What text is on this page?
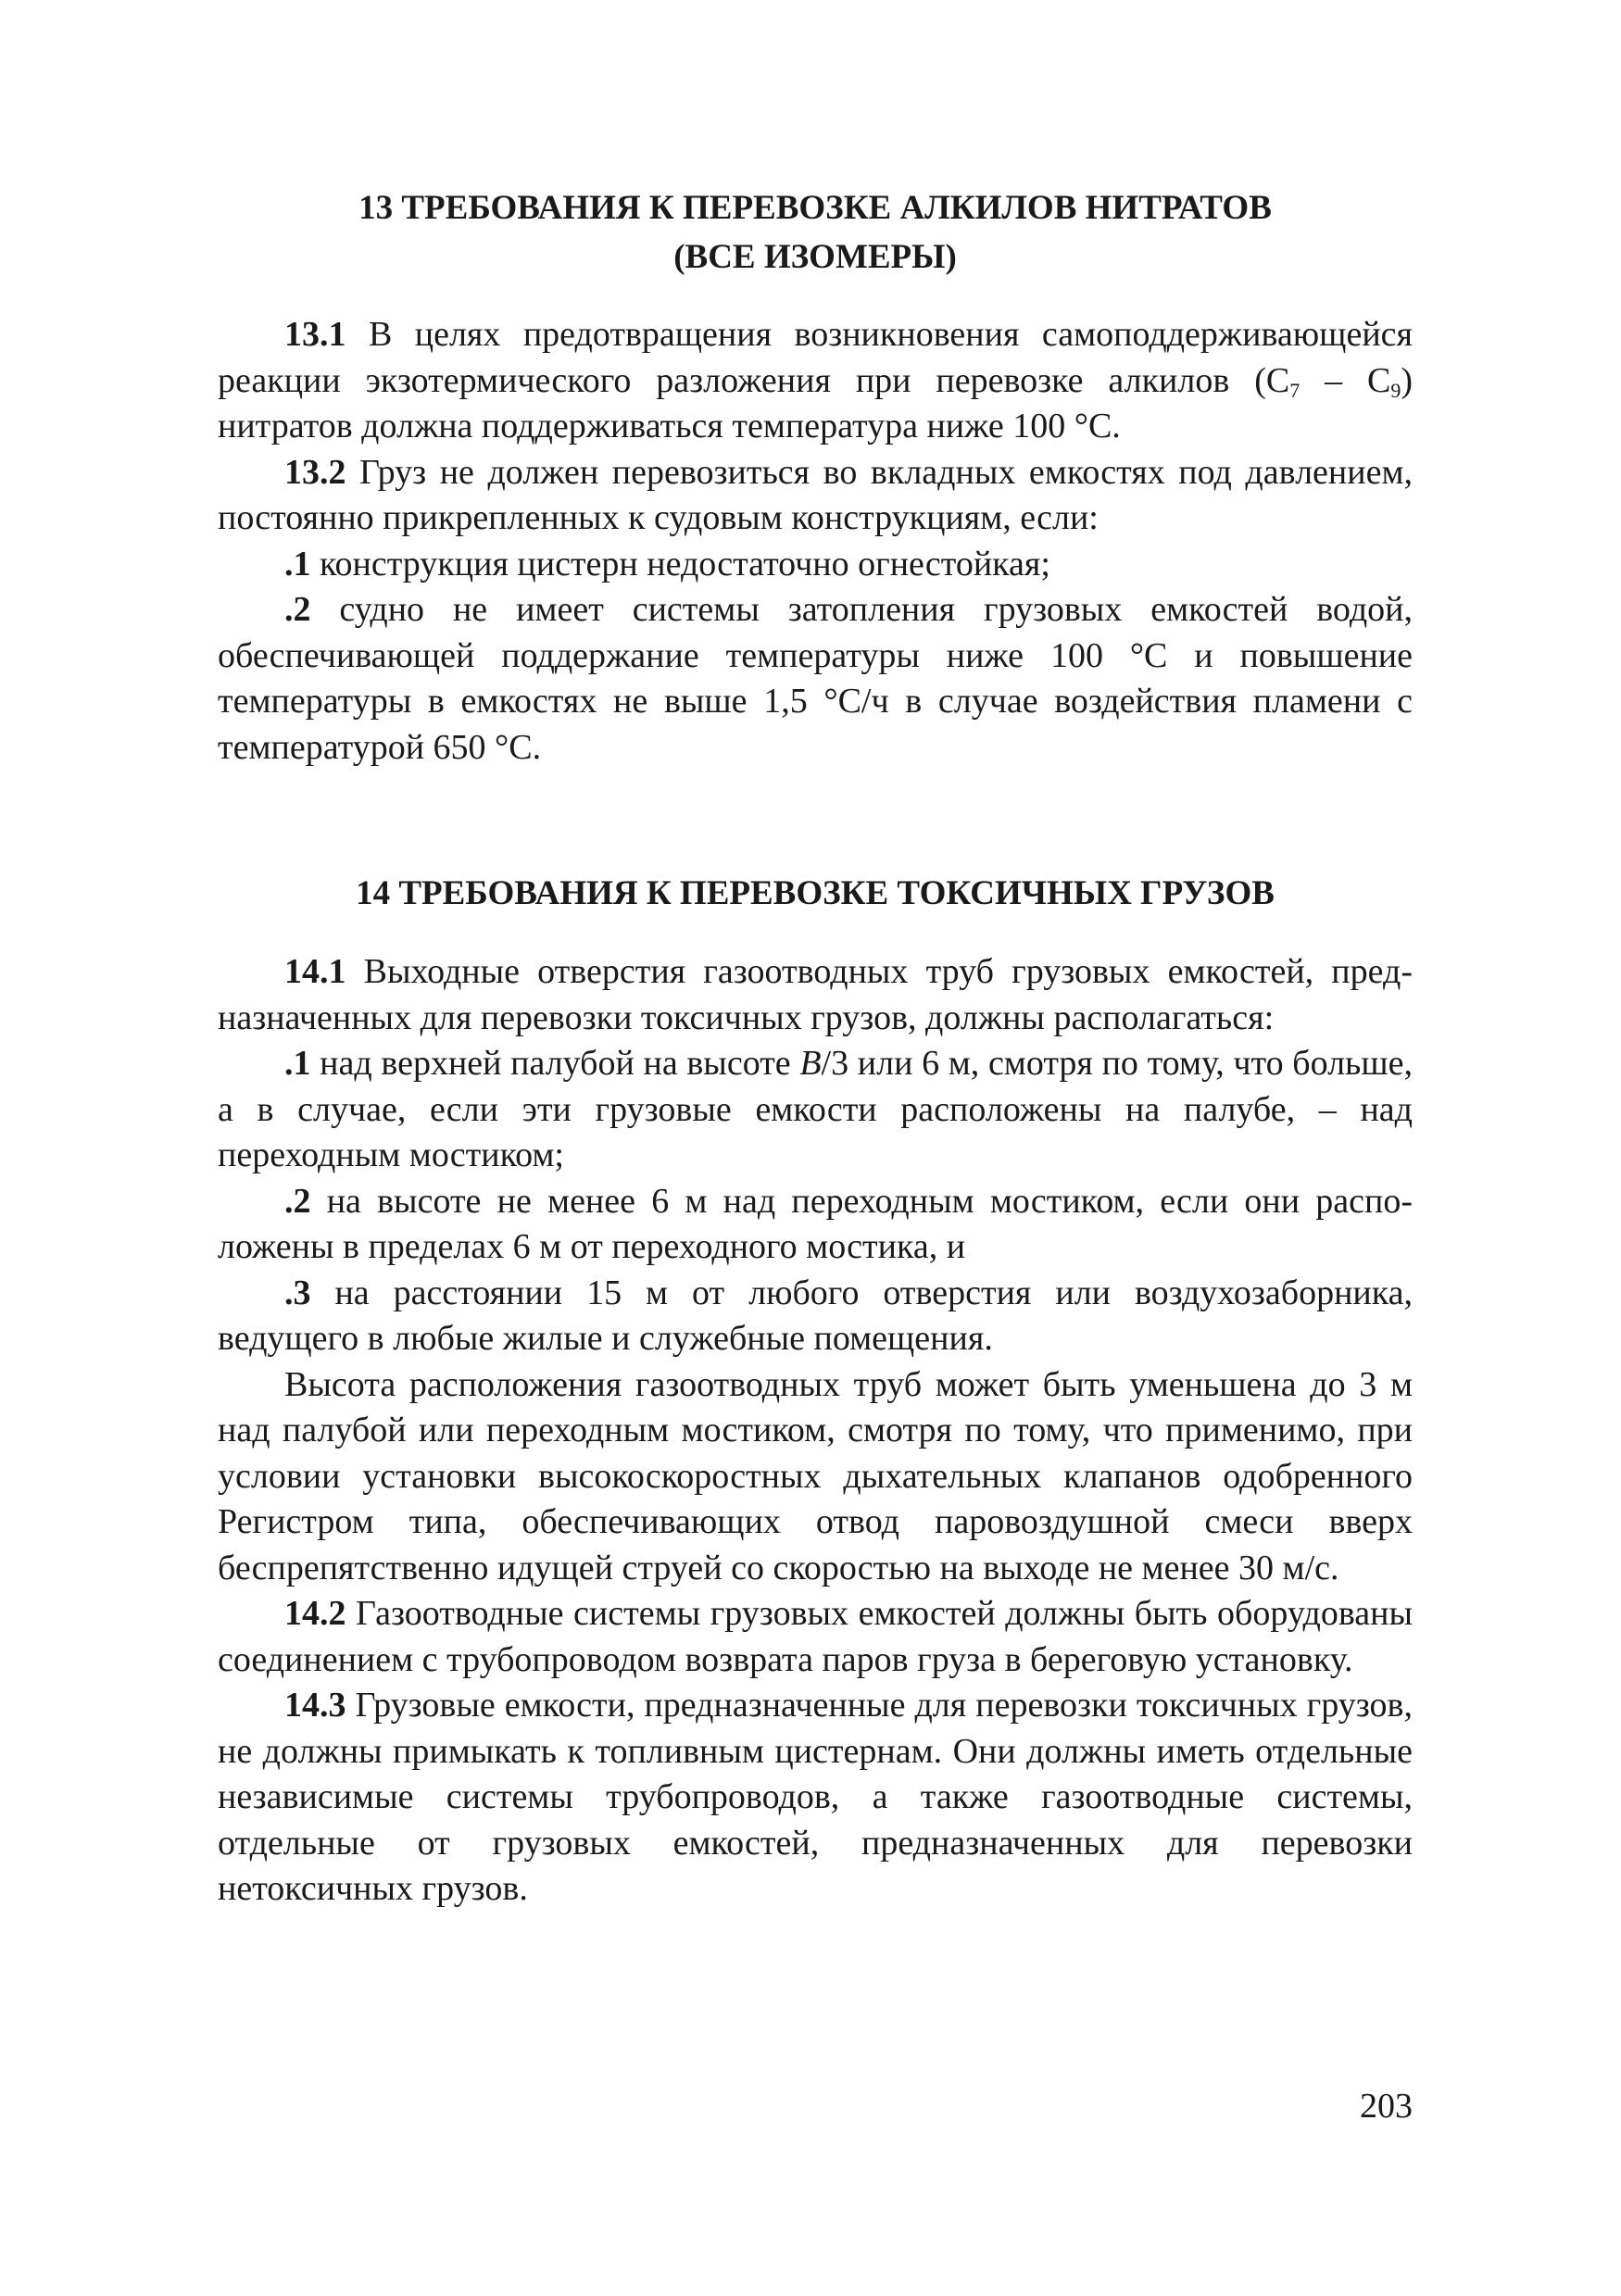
13 ТРЕБОВАНИЯ К ПЕРЕВОЗКЕ АЛКИЛОВ НИТРАТОВ
(ВСЕ ИЗОМЕРЫ)

13.1 В целях предотвращения возникновения самоподдерживающейся реакции экзотермического разложения при перевозке алкилов $(С_7 - С_9)$ нитратов должна поддерживаться температура ниже 100 °С.

13.2 Груз не должен перевозиться во вкладных емкостях под давлением, постоянно прикрепленных к судовым конструкциям, если:

.1 конструкция цистерн недостаточно огнестойкая;

.2 судно не имеет системы затопления грузовых емкостей водой, обеспечивающей поддержание температуры ниже 100 °С и повышение температуры в емкостях не выше 1,5 °С/ч в случае воздействия пламени с температурой 650 °С.

14 ТРЕБОВАНИЯ К ПЕРЕВОЗКЕ ТОКСИЧНЫХ ГРУЗОВ

14.1 Выходные отверстия газоотводных труб грузовых емкостей, предназначенных для перевозки токсичных грузов, должны располагаться:

.1 над верхней палубой на высоте B/3 или 6 м, смотря по тому, что больше, а в случае, если эти грузовые емкости расположены на палубе, – над переходным мостиком;

.2 на высоте не менее 6 м над переходным мостиком, если они расположены в пределах 6 м от переходного мостика, и

.3 на расстоянии 15 м от любого отверстия или воздухозаборника, ведущего в любые жилые и служебные помещения.

Высота расположения газоотводных труб может быть уменьшена до 3 м над палубой или переходным мостиком, смотря по тому, что применимо, при условии установки высокоскоростных дыхательных клапанов одобренного Регистром типа, обеспечивающих отвод паровоздушной смеси вверх беспрепятственно идущей струей со скоростью на выходе не менее 30 м/с.

14.2 Газоотводные системы грузовых емкостей должны быть оборудованы соединением с трубопроводом возврата паров груза в береговую установку.

14.3 Грузовые емкости, предназначенные для перевозки токсичных грузов, не должны примыкать к топливным цистернам. Они должны иметь отдельные независимые системы трубопроводов, а также газоотводные системы, отдельные от грузовых емкостей, предназначенных для перевозки нетоксичных грузов.

203
